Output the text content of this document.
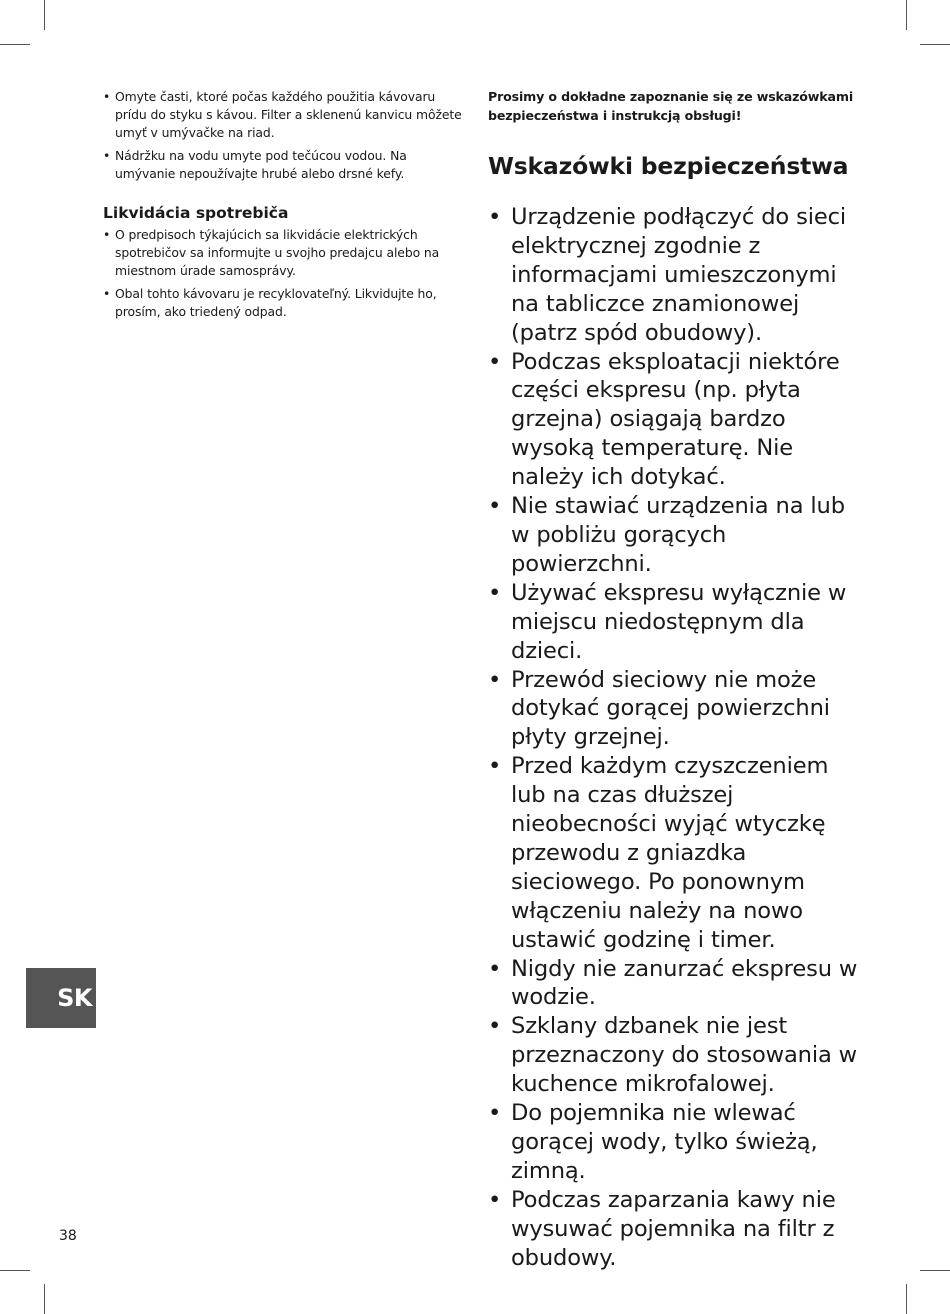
• Omyte časti, ktoré počas každého použitia kávovaru prídu do styku s kávou. Filter a sklenenú kanvicu môžete umyť v umývačke na riad.
• Nádržku na vodu umyte pod tečúcou vodou. Na umývanie nepoužívajte hrubé alebo drsné kefy.
Likvidácia spotrebiča
• O predpisoch týkajúcich sa likvidácie elektrických spotrebičov sa informujte u svojho predajcu alebo na miestnom úrade samosprávy.
• Obal tohto kávovaru je recyklovateľný. Likvidujte ho, prosím, ako triedený odpad.

Prosimy o dokładne zapoznanie się ze wskazówkami bezpieczeństwa i instrukcją obsługi!

Wskazówki bezpieczeństwa
• Urządzenie podłączyć do sieci elektrycznej zgodnie z informacjami umieszczonymi na tabliczce znamionowej (patrz spód obudowy).
• Podczas eksploatacji niektóre części ekspresu (np. płyta grzejna) osiągają bardzo wysoką temperaturę. Nie należy ich dotykać.
• Nie stawiać urządzenia na lub w pobliżu gorących powierzchni.
• Używać ekspresu wyłącznie w miejscu niedostępnym dla dzieci.
• Przewód sieciowy nie może dotykać gorącej powierzchni płyty grzejnej.
• Przed każdym czyszczeniem lub na czas dłuższej nieobecności wyjąć wtyczkę przewodu z gniazdka sieciowego. Po ponownym włączeniu należy na nowo ustawić godzinę i timer.
• Nigdy nie zanurzać ekspresu w wodzie.
• Szklany dzbanek nie jest przeznaczony do stosowania w kuchence mikrofalowej.
• Do pojemnika nie wlewać gorącej wody, tylko świeżą, zimną.
• Podczas zaparzania kawy nie wysuwać pojemnika na filtr z obudowy.
SK
38
